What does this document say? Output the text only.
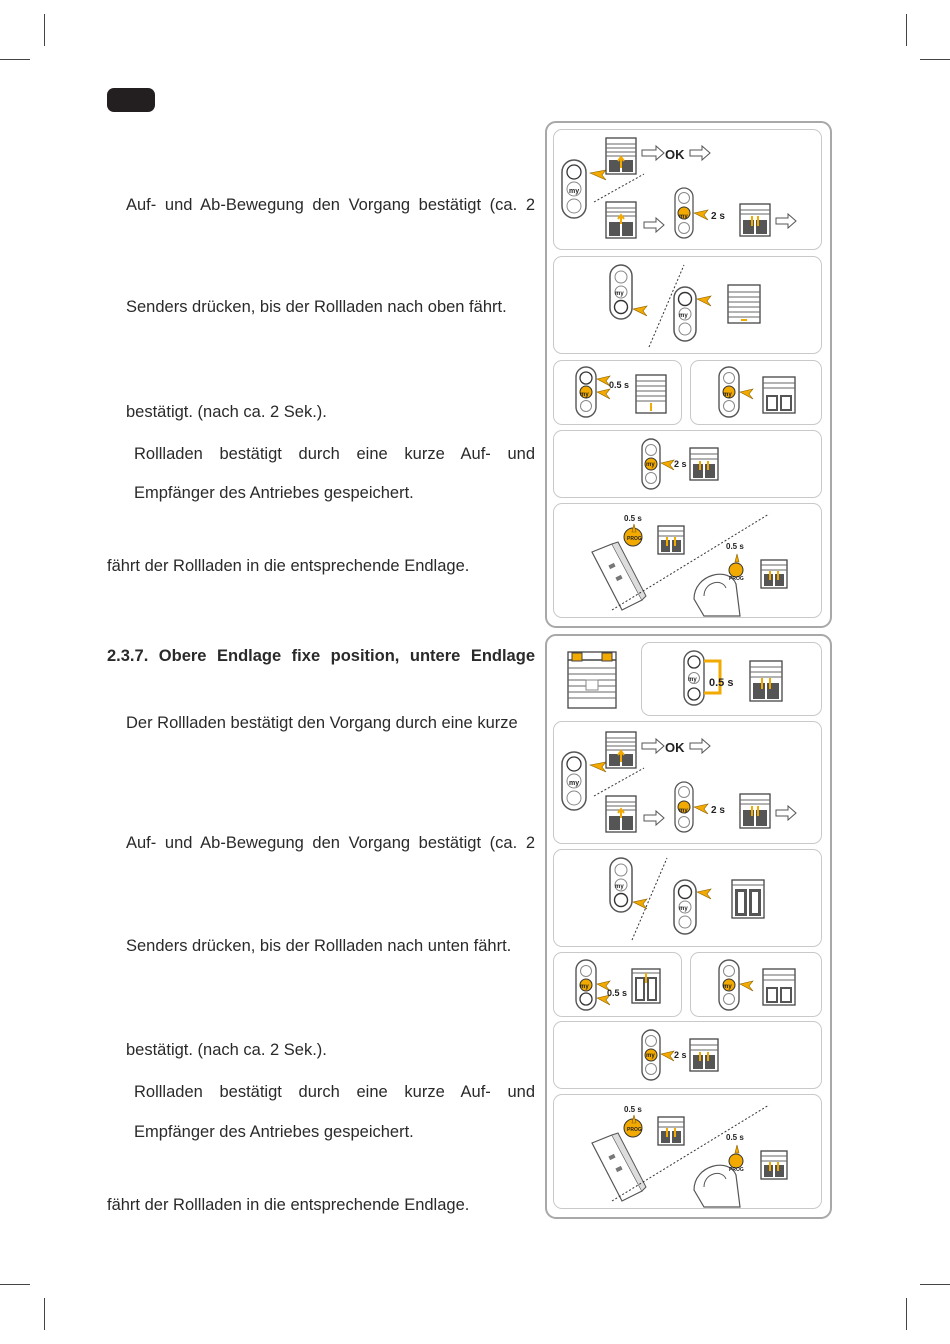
Auf- und Ab-Bewegung den Vorgang bestätigt (ca. 2
Senders drücken, bis der Rollladen nach oben fährt.
bestätigt. (nach ca. 2 Sek.).
Rollladen bestätigt durch eine kurze Auf- und
Empfänger des Antriebes gespeichert.
fährt der Rollladen in die entsprechende Endlage.
2.3.7. Obere Endlage fixe position, untere Endlage
Der Rollladen bestätigt den Vorgang durch eine kurze
Auf- und Ab-Bewegung den Vorgang bestätigt (ca. 2
Senders drücken, bis der Rollladen nach unten fährt.
bestätigt. (nach ca. 2 Sek.).
Rollladen bestätigt durch eine kurze Auf- und
Empfänger des Antriebes gespeichert.
fährt der Rollladen in die entsprechende Endlage.
my
OK
my 2 s
my
my
my
0.5 s
my
my 2 s
PROG
0.5 s
PROG
0.5 s
my 0.5 s
my
OK
my 2 s
my
my
my
0.5 s
my
my 2 s
PROG
0.5 s
PROG
0.5 s
